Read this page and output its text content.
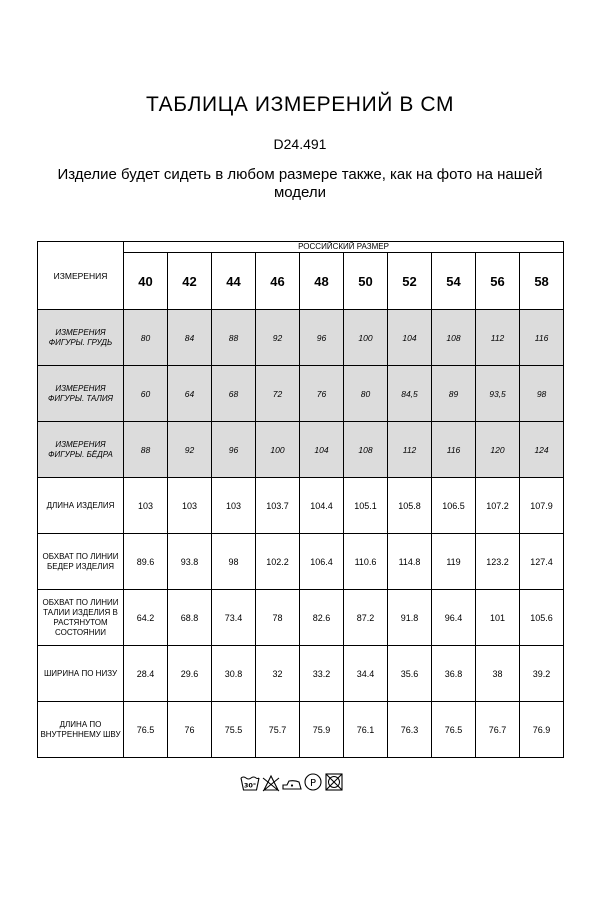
ТАБЛИЦА ИЗМЕРЕНИЙ В СМ
D24.491
Изделие будет сидеть в любом размере также, как на фото на нашей модели
ИЗМЕРЕНИЯ	РОССИЙСКИЙ РАЗМЕР									
	40	42	44	46	48	50	52	54	56	58
ИЗМЕРЕНИЯ ФИГУРЫ. ГРУДЬ	80	84	88	92	96	100	104	108	112	116
ИЗМЕРЕНИЯ ФИГУРЫ. ТАЛИЯ	60	64	68	72	76	80	84,5	89	93,5	98
ИЗМЕРЕНИЯ ФИГУРЫ. БЁДРА	88	92	96	100	104	108	112	116	120	124
ДЛИНА ИЗДЕЛИЯ	103	103	103	103.7	104.4	105.1	105.8	106.5	107.2	107.9
ОБХВАТ ПО ЛИНИИ БЕДЕР ИЗДЕЛИЯ	89.6	93.8	98	102.2	106.4	110.6	114.8	119	123.2	127.4
ОБХВАТ ПО ЛИНИИ ТАЛИИ ИЗДЕЛИЯ В РАСТЯНУТОМ СОСТОЯНИИ	64.2	68.8	73.4	78	82.6	87.2	91.8	96.4	101	105.6
ШИРИНА ПО НИЗУ	28.4	29.6	30.8	32	33.2	34.4	35.6	36.8	38	39.2
ДЛИНА ПО ВНУТРЕННЕМУ ШВУ	76.5	76	75.5	75.7	75.9	76.1	76.3	76.5	76.7	76.9
30°	P
